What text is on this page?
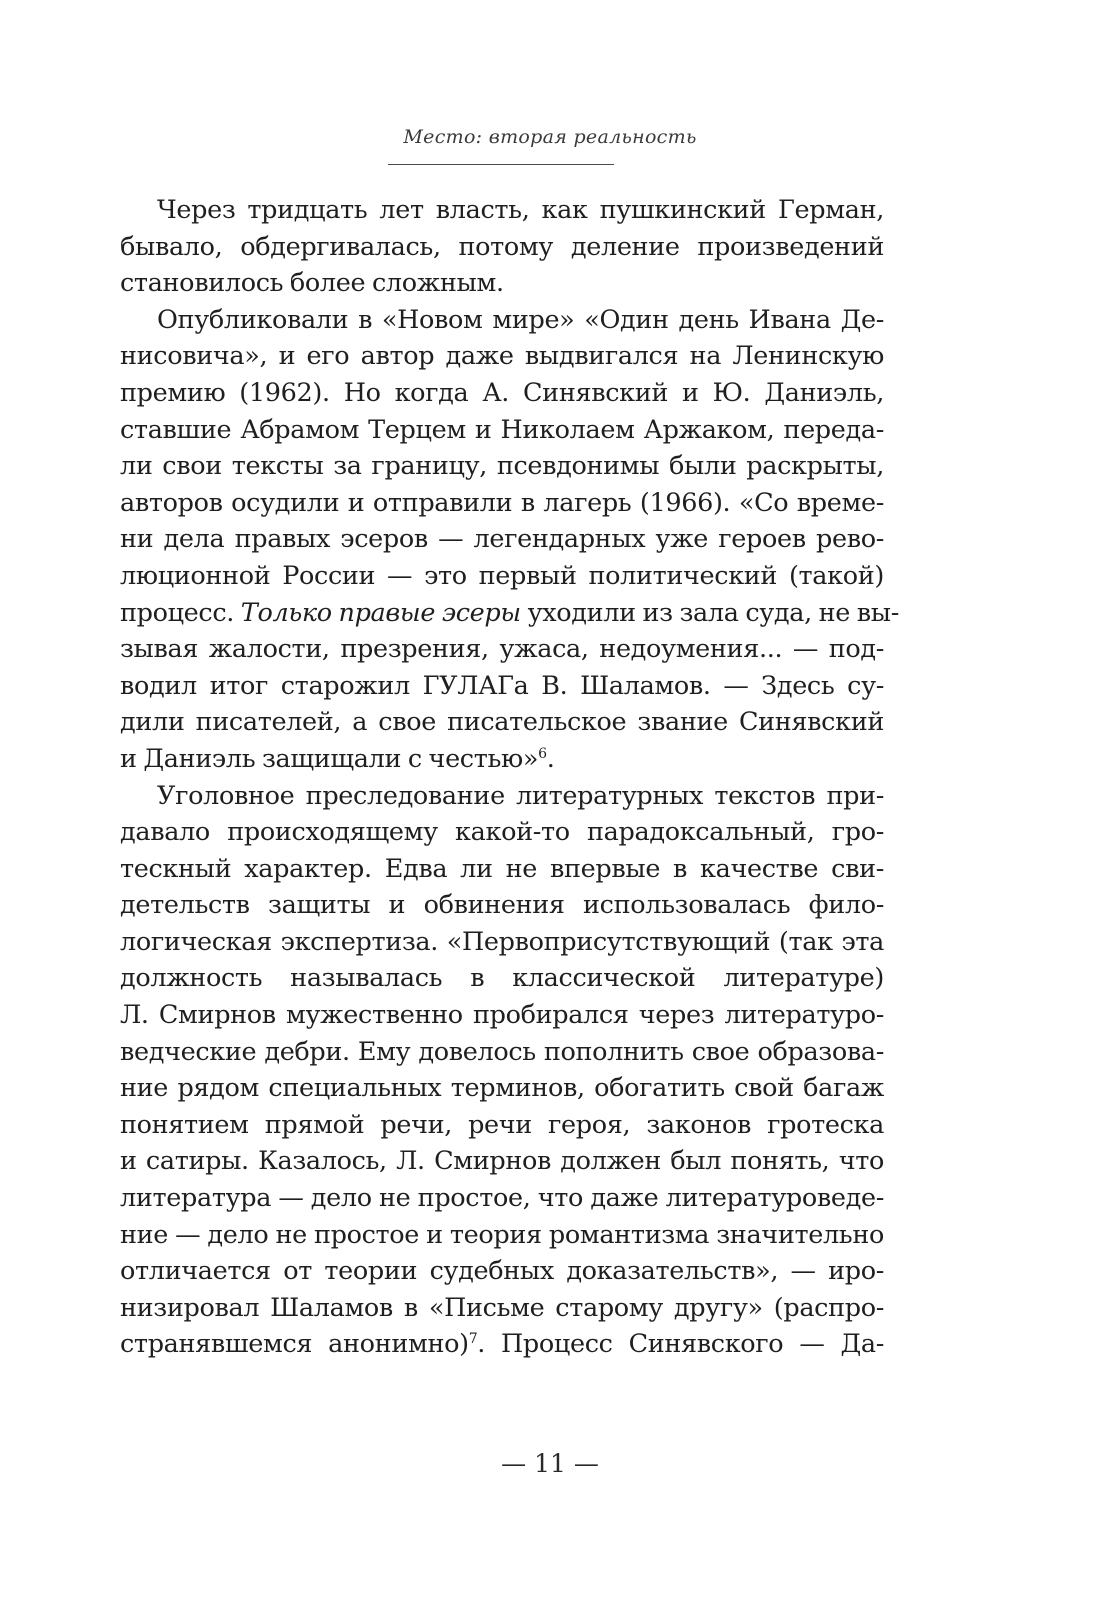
Место: вторая реальность
Через тридцать лет власть, как пушкинский Герман,
бывало, обдергивалась, потому деление произведений
становилось более сложным.
Опубликовали в «Новом мире» «Один день Ивана Де-
нисовича», и его автор даже выдвигался на Ленинскую
премию (1962). Но когда А. Синявский и Ю. Даниэль,
ставшие Абрамом Терцем и Николаем Аржаком, переда-
ли свои тексты за границу, псевдонимы были раскрыты,
авторов осудили и отправили в лагерь (1966). «Со време-
ни дела правых эсеров — легендарных уже героев рево-
люционной России — это первый политический (такой)
процесс. Только правые эсеры уходили из зала суда, не вы-
зывая жалости, презрения, ужаса, недоумения... — под-
водил итог старожил ГУЛАГа В. Шаламов. — Здесь су-
дили писателей, а свое писательское звание Синявский
и Даниэль защищали с честью»$^6$.
Уголовное преследование литературных текстов при-
давало происходящему какой-то парадоксальный, гро-
тескный характер. Едва ли не впервые в качестве сви-
детельств защиты и обвинения использовалась фило-
логическая экспертиза. «Первоприсутствующий (так эта
должность называлась в классической литературе)
Л. Смирнов мужественно пробирался через литературо-
ведческие дебри. Ему довелось пополнить свое образова-
ние рядом специальных терминов, обогатить свой багаж
понятием прямой речи, речи героя, законов гротеска
и сатиры. Казалось, Л. Смирнов должен был понять, что
литература — дело не простое, что даже литературоведе-
ние — дело не простое и теория романтизма значительно
отличается от теории судебных доказательств», — иро-
низировал Шаламов в «Письме старому другу» (распро-
странявшемся анонимно)$^7$. Процесс Синявского — Да-
— 11 —
